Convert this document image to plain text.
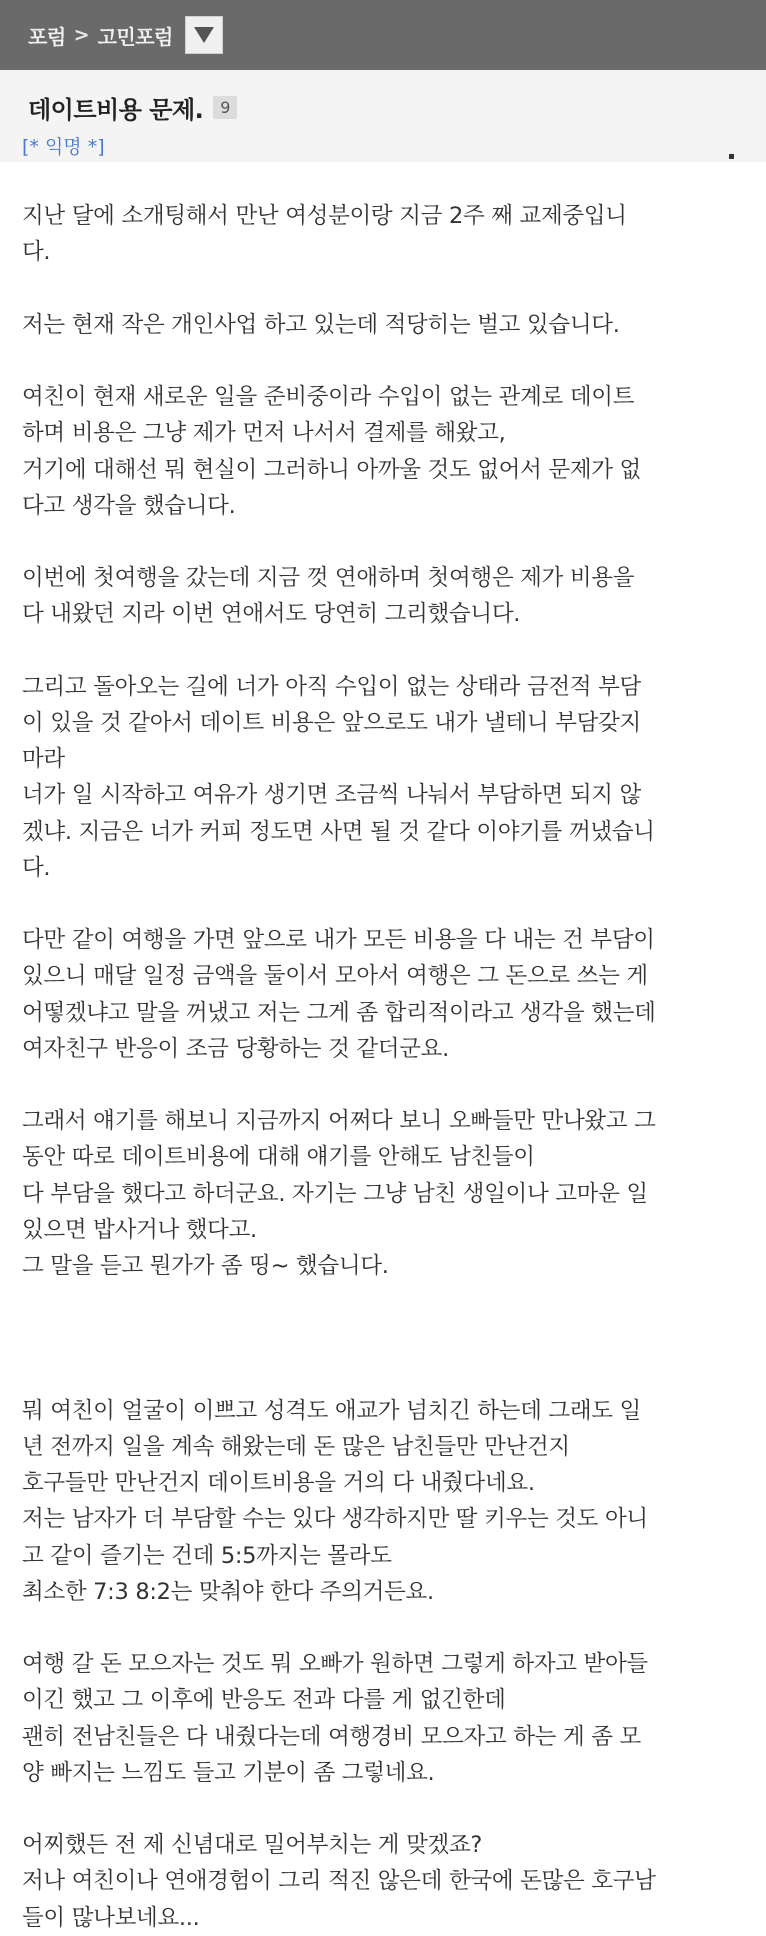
포럼 > 고민포럼
데이트비용 문제.	9
[* 익명 *]
지난 달에 소개팅해서 만난 여성분이랑 지금 2주 째 교제중입니
다.
저는 현재 작은 개인사업 하고 있는데 적당히는 벌고 있습니다.
여친이 현재 새로운 일을 준비중이라 수입이 없는 관계로 데이트
하며 비용은 그냥 제가 먼저 나서서 결제를 해왔고,
거기에 대해선 뭐 현실이 그러하니 아까울 것도 없어서 문제가 없
다고 생각을 했습니다.
이번에 첫여행을 갔는데 지금 껏 연애하며 첫여행은 제가 비용을
다 내왔던 지라 이번 연애서도 당연히 그리했습니다.
그리고 돌아오는 길에 너가 아직 수입이 없는 상태라 금전적 부담
이 있을 것 같아서 데이트 비용은 앞으로도 내가 낼테니 부담갖지
마라
너가 일 시작하고 여유가 생기면 조금씩 나눠서 부담하면 되지 않
겠냐. 지금은 너가 커피 정도면 사면 될 것 같다 이야기를 꺼냈습니
다.
다만 같이 여행을 가면 앞으로 내가 모든 비용을 다 내는 건 부담이
있으니 매달 일정 금액을 둘이서 모아서 여행은 그 돈으로 쓰는 게
어떻겠냐고 말을 꺼냈고 저는 그게 좀 합리적이라고 생각을 했는데
여자친구 반응이 조금 당황하는 것 같더군요.
그래서 얘기를 해보니 지금까지 어쩌다 보니 오빠들만 만나왔고 그
동안 따로 데이트비용에 대해 얘기를 안해도 남친들이
다 부담을 했다고 하더군요. 자기는 그냥 남친 생일이나 고마운 일
있으면 밥사거나 했다고.
그 말을 듣고 뭔가가 좀 띵~ 했습니다.
뭐 여친이 얼굴이 이쁘고 성격도 애교가 넘치긴 하는데 그래도 일
년 전까지 일을 계속 해왔는데 돈 많은 남친들만 만난건지
호구들만 만난건지 데이트비용을 거의 다 내줬다네요.
저는 남자가 더 부담할 수는 있다 생각하지만 딸 키우는 것도 아니
고 같이 즐기는 건데 5:5까지는 몰라도
최소한 7:3 8:2는 맞춰야 한다 주의거든요.
여행 갈 돈 모으자는 것도 뭐 오빠가 원하면 그렇게 하자고 받아들
이긴 했고 그 이후에 반응도 전과 다를 게 없긴한데
괜히 전남친들은 다 내줬다는데 여행경비 모으자고 하는 게 좀 모
양 빠지는 느낌도 들고 기분이 좀 그렇네요.
어찌했든 전 제 신념대로 밀어부치는 게 맞겠죠?
저나 여친이나 연애경험이 그리 적진 않은데 한국에 돈많은 호구남
들이 많나보네요...
